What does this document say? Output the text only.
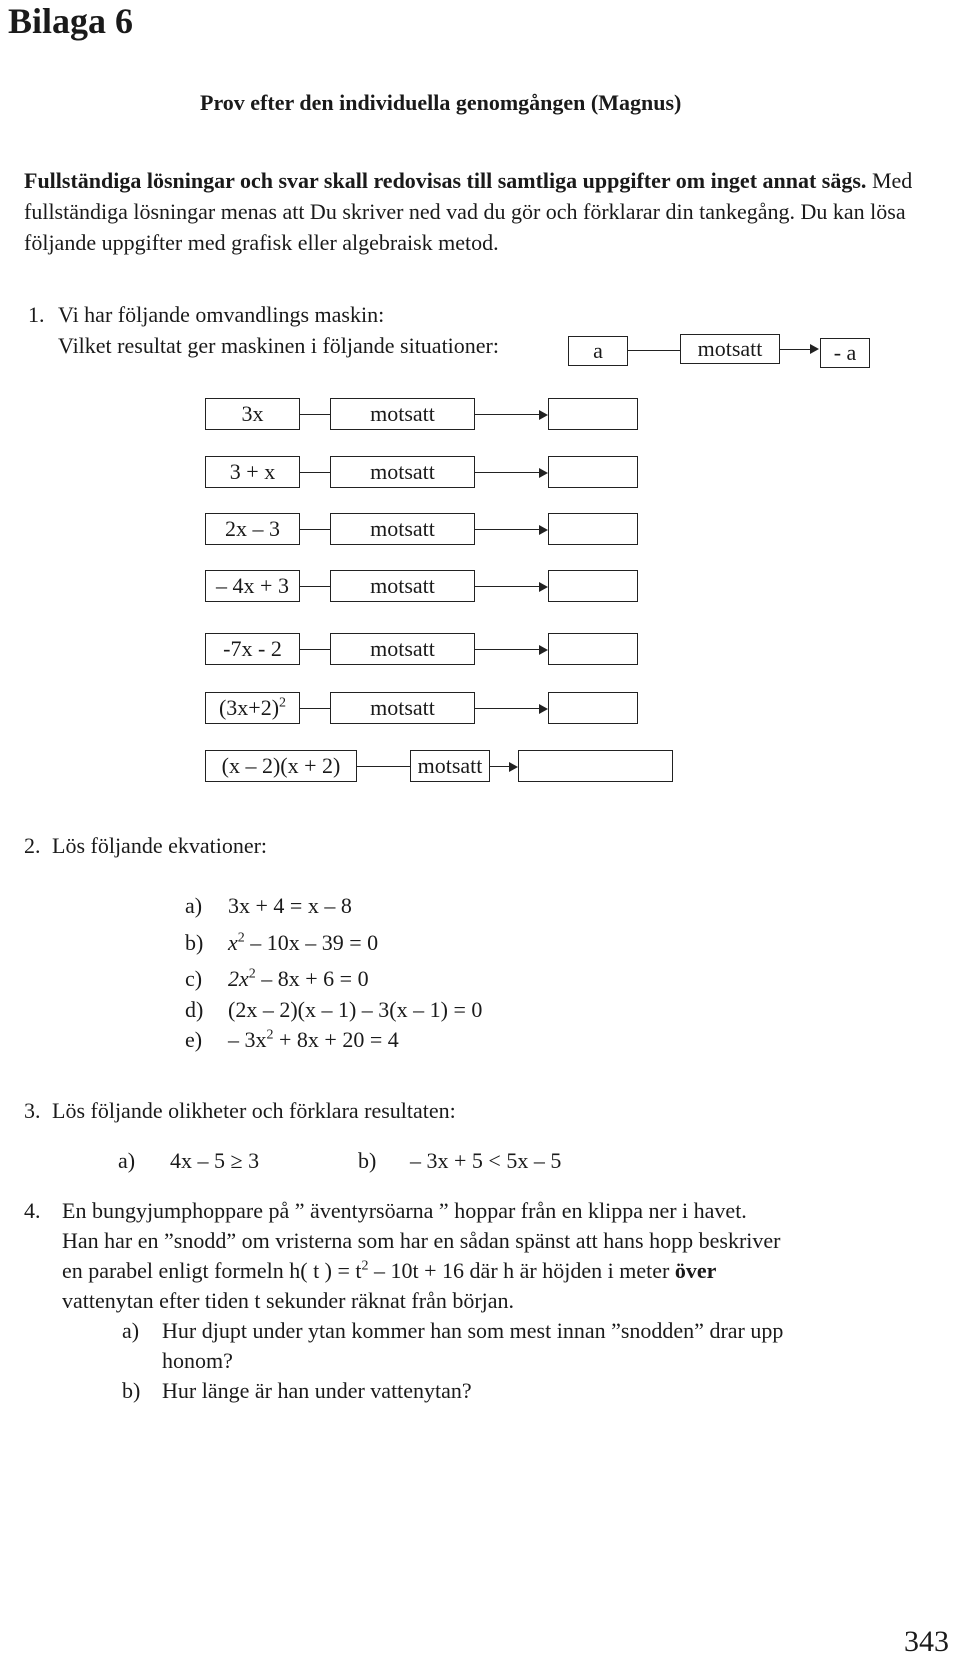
Bilaga 6
Prov efter den individuella genomgången (Magnus)
Fullständiga lösningar och svar skall redovisas till samtliga uppgifter om inget annat sägs. Med fullständiga lösningar menas att Du skriver ned vad du gör och förklarar din tankegång. Du kan lösa följande uppgifter med grafisk eller algebraisk metod.
1. Vi har följande omvandlings maskin:
Vilket resultat ger maskinen i följande situationer:	a	motsatt	- a
3x	motsatt
3 + x	motsatt
2x – 3	motsatt
– 4x + 3	motsatt
-7x - 2	motsatt
$(3x+2)^2$	motsatt
(x – 2)(x + 2)	motsatt
2. Lös följande ekvationer:
a) 3x + 4 = x – 8
b) $x^2 - 10x - 39 = 0$
c) $2x^2 - 8x + 6 = 0$
d) (2x – 2)(x – 1) – 3(x – 1) = 0
$e) - 3x^2 + 8x + 20 = 4$
3. Lös följande olikheter och förklara resultaten:
a) 4x – 5 ≥ 3	b) – 3x + 5 < 5x – 5
4. En bungyjumphoppare på ” äventyrsöarna ” hoppar från en klippa ner i havet.
Han har en ”snodd” om vristerna som har en sådan spänst att hans hopp beskriver
en parabel enligt formeln h( t ) = $t^2 - 10t + 16$ där h är höjden i meter över
vattenytan efter tiden t sekunder räknat från början.
a) Hur djupt under ytan kommer han som mest innan ”snodden” drar upp
honom?
b) Hur länge är han under vattenytan?
343
